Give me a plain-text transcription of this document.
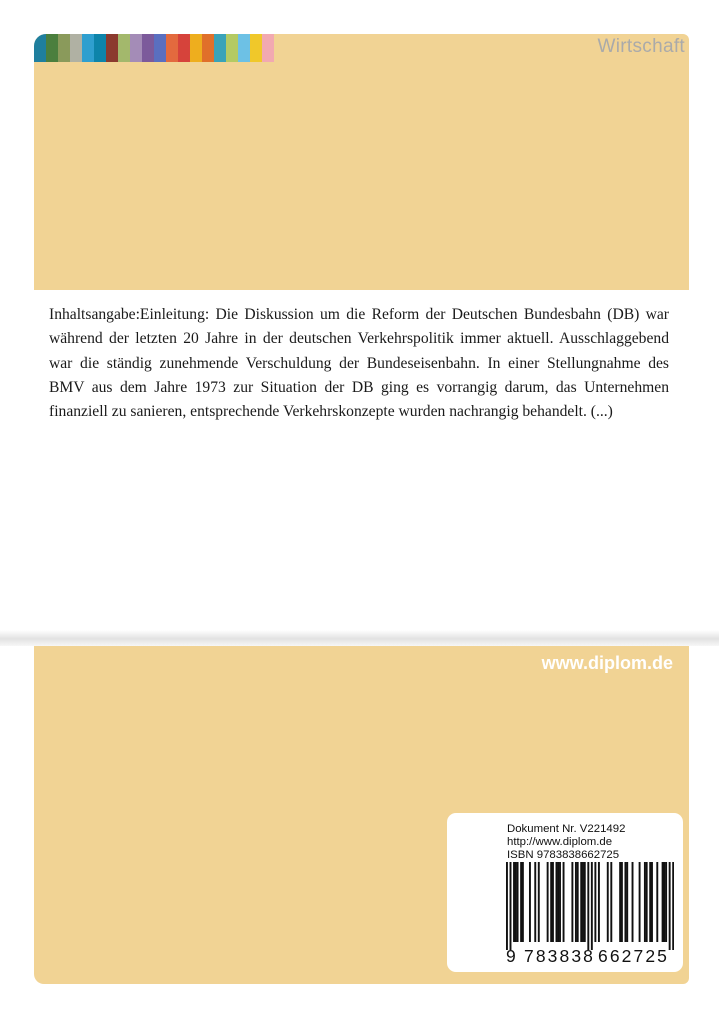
Wirtschaft

Inhaltsangabe:Einleitung: Die Diskussion um die Reform der Deutschen Bundesbahn (DB) war während der letzten 20 Jahre in der deutschen Verkehrspolitik immer aktuell. Ausschlaggebend war die ständig zunehmende Verschuldung der Bundeseisenbahn. In einer Stellungnahme des BMV aus dem Jahre 1973 zur Situation der DB ging es vorrangig darum, das Unternehmen finanziell zu sanieren, entsprechende Verkehrskonzepte wurden nachrangig behandelt. (...)

www.diplom.de
Dokument Nr. V221492
http://www.diplom.de
ISBN 9783838662725
9 783838 662725
